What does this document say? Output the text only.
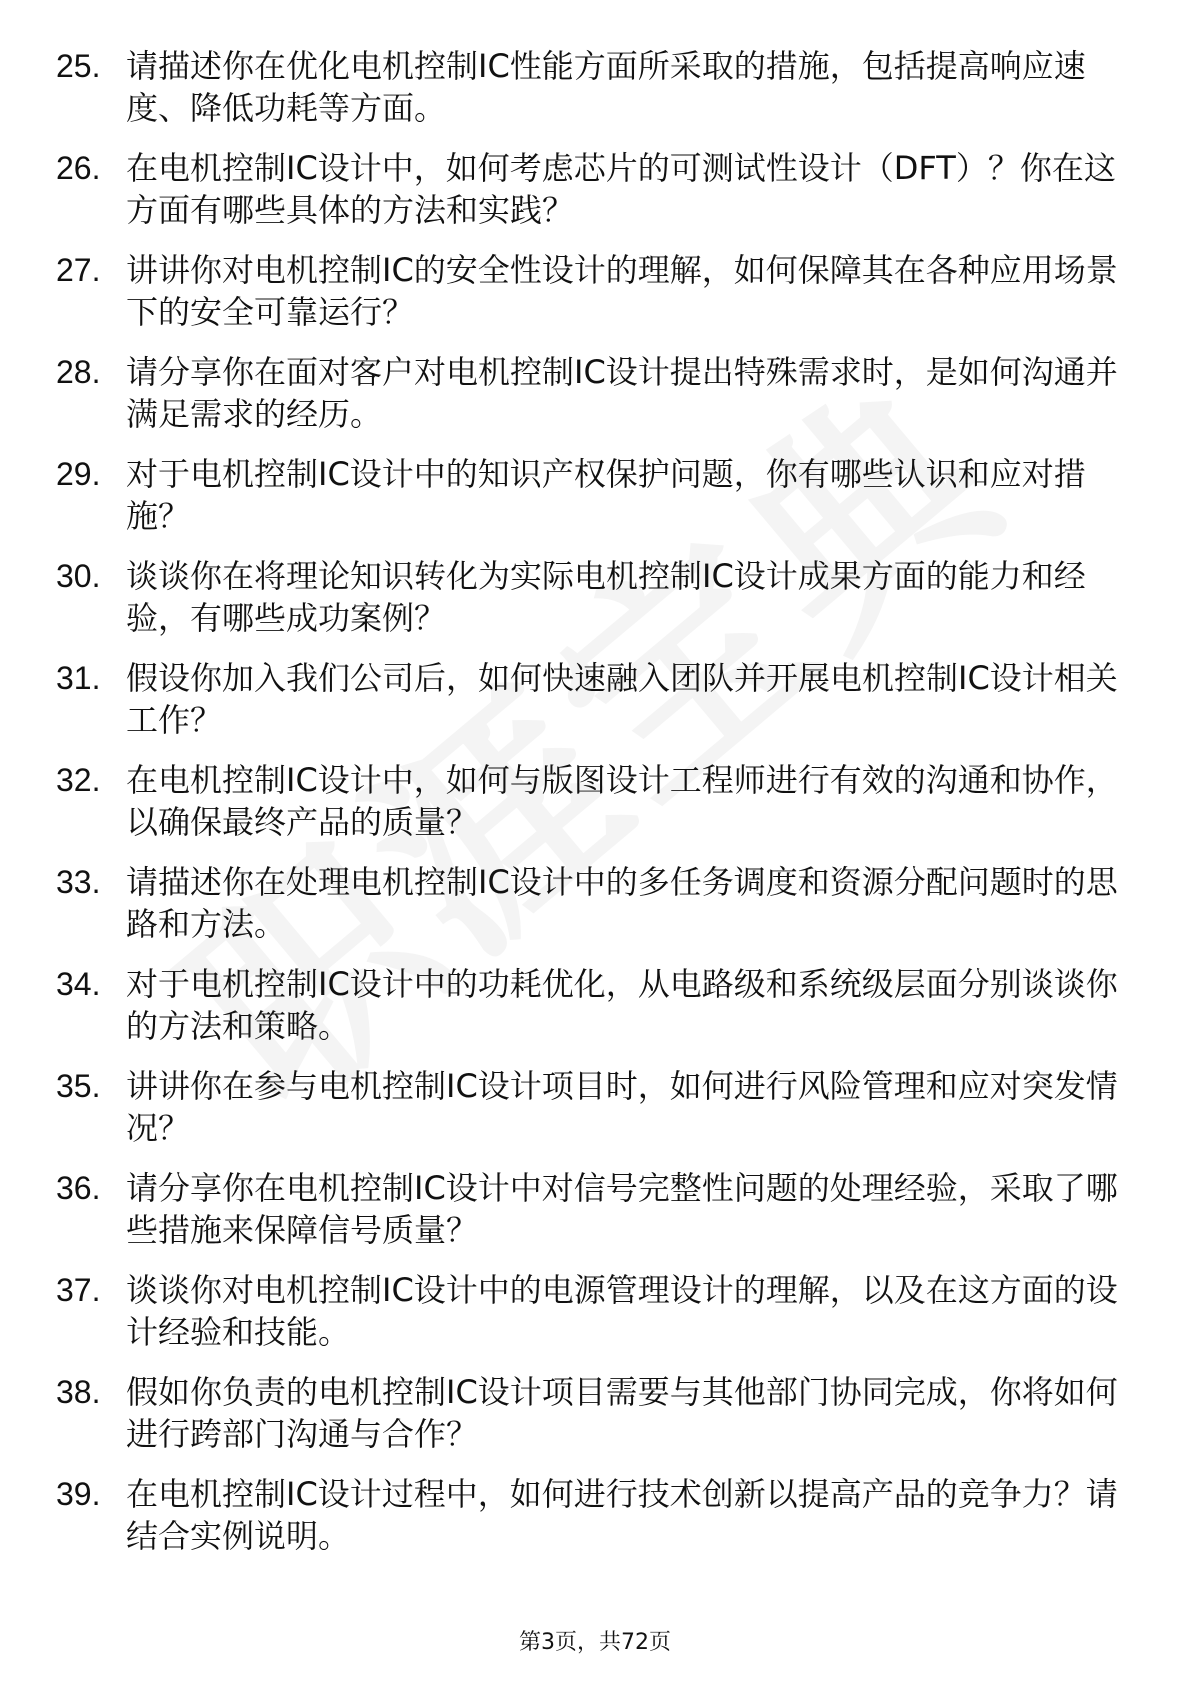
25. 请描述你在优化电机控制IC性能方面所采取的措施，包括提高响应速度、降低功耗等方面。
26. 在电机控制IC设计中，如何考虑芯片的可测试性设计（DFT）？你在这方面有哪些具体的方法和实践？
27. 讲讲你对电机控制IC的安全性设计的理解，如何保障其在各种应用场景下的安全可靠运行？
28. 请分享你在面对客户对电机控制IC设计提出特殊需求时，是如何沟通并满足需求的经历。
29. 对于电机控制IC设计中的知识产权保护问题，你有哪些认识和应对措施？
30. 谈谈你在将理论知识转化为实际电机控制IC设计成果方面的能力和经验，有哪些成功案例？
31. 假设你加入我们公司后，如何快速融入团队并开展电机控制IC设计相关工作？
32. 在电机控制IC设计中，如何与版图设计工程师进行有效的沟通和协作，以确保最终产品的质量？
33. 请描述你在处理电机控制IC设计中的多任务调度和资源分配问题时的思路和方法。
34. 对于电机控制IC设计中的功耗优化，从电路级和系统级层面分别谈谈你的方法和策略。
35. 讲讲你在参与电机控制IC设计项目时，如何进行风险管理和应对突发情况？
36. 请分享你在电机控制IC设计中对信号完整性问题的处理经验，采取了哪些措施来保障信号质量？
37. 谈谈你对电机控制IC设计中的电源管理设计的理解，以及在这方面的设计经验和技能。
38. 假如你负责的电机控制IC设计项目需要与其他部门协同完成，你将如何进行跨部门沟通与合作？
39. 在电机控制IC设计过程中，如何进行技术创新以提高产品的竞争力？请结合实例说明。
第3页，共72页
